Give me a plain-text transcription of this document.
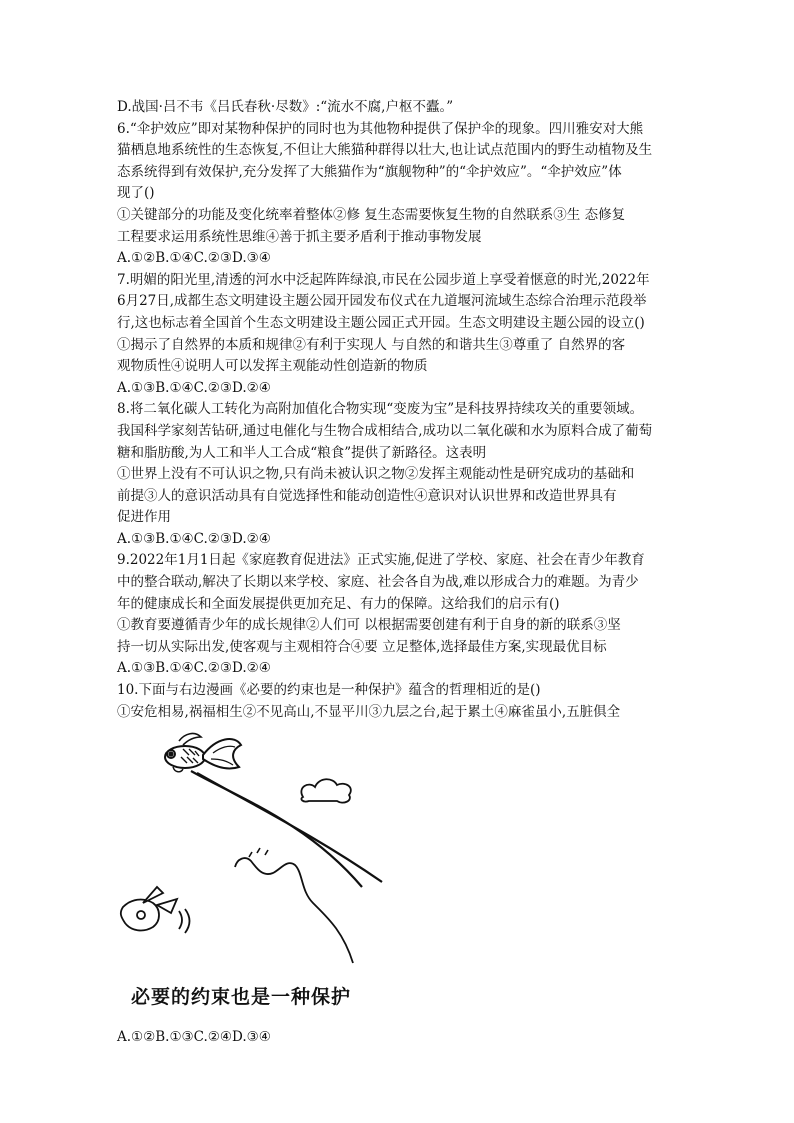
D.战国·吕不韦《吕氏春秋·尽数》:“流水不腐,户枢不蠹。”
6.“伞护效应”即对某物种保护的同时也为其他物种提供了保护伞的现象。四川雅安对大熊
猫栖息地系统性的生态恢复,不但让大熊猫种群得以壮大,也让试点范围内的野生动植物及生
态系统得到有效保护,充分发挥了大熊猫作为“旗舰物种”的“伞护效应”。“伞护效应”体
现了()
①关键部分的功能及变化统率着整体②修 复生态需要恢复生物的自然联系③生 态修复
工程要求运用系统性思维④善于抓主要矛盾利于推动事物发展
A.①②B.①④C.②③D.③④
7.明媚的阳光里,清透的河水中泛起阵阵绿浪,市民在公园步道上享受着惬意的时光,2022年
6月27日,成都生态文明建设主题公园开园发布仪式在九道堰河流域生态综合治理示范段举
行,这也标志着全国首个生态文明建设主题公园正式开园。生态文明建设主题公园的设立()
①揭示了自然界的本质和规律②有利于实现人 与自然的和谐共生③尊重了 自然界的客
观物质性④说明人可以发挥主观能动性创造新的物质
A.①③B.①④C.②③D.②④
8.将二氧化碳人工转化为高附加值化合物实现“变废为宝”是科技界持续攻关的重要领域。
我国科学家刻苦钻研,通过电催化与生物合成相结合,成功以二氧化碳和水为原料合成了葡萄
糖和脂肪酸,为人工和半人工合成“粮食”提供了新路径。这表明
①世界上没有不可认识之物,只有尚未被认识之物②发挥主观能动性是研究成功的基础和
前提③人的意识活动具有自觉选择性和能动创造性④意识对认识世界和改造世界具有
促进作用
A.①③B.①④C.②③D.②④
9.2022年1月1日起《家庭教育促进法》正式实施,促进了学校、家庭、社会在青少年教育
中的整合联动,解决了长期以来学校、家庭、社会各自为战,难以形成合力的难题。为青少
年的健康成长和全面发展提供更加充足、有力的保障。这给我们的启示有()
①教育要遵循青少年的成长规律②人们可 以根据需要创建有利于自身的新的联系③坚
持一切从实际出发,使客观与主观相符合④要 立足整体,选择最佳方案,实现最优目标
A.①③B.①④C.②③D.②④
10.下面与右边漫画《必要的约束也是一种保护》蕴含的哲理相近的是()
①安危相易,祸福相生②不见高山,不显平川③九层之台,起于累土④麻雀虽小,五脏俱全
必要的约束也是一种保护
A.①②B.①③C.②④D.③④
